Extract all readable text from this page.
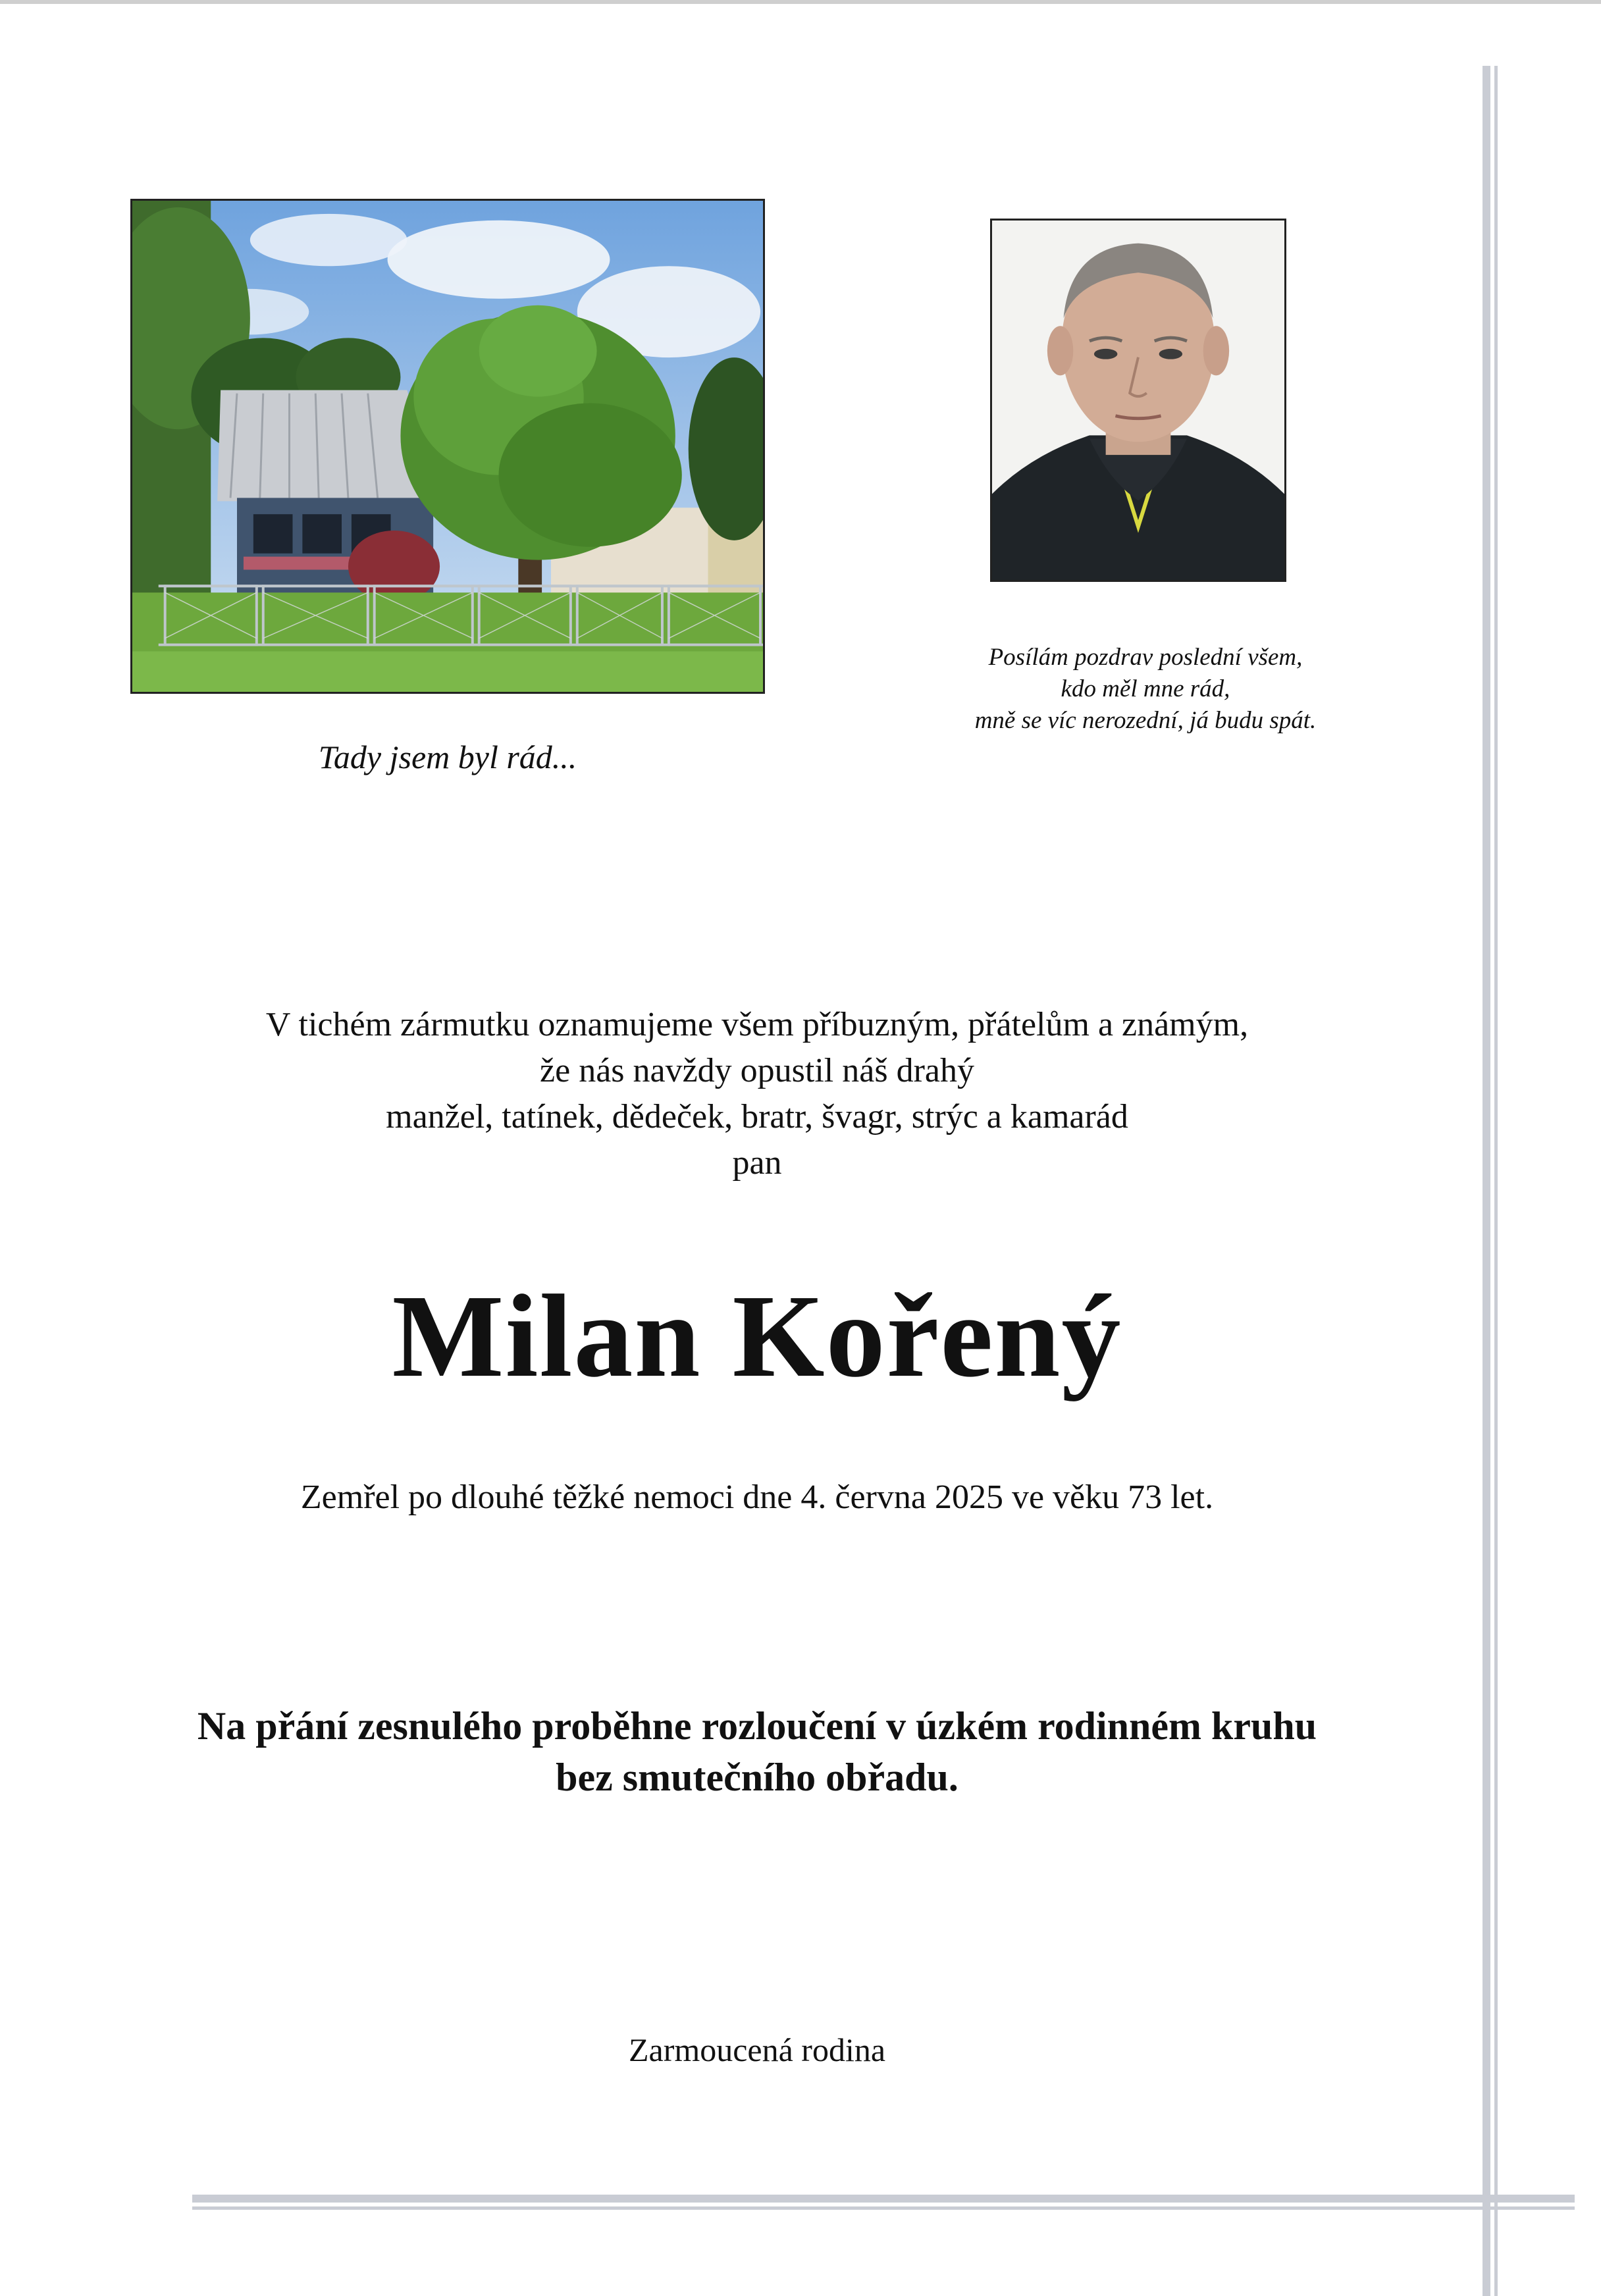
Tady jsem byl rád...
Posílám pozdrav poslední všem,
kdo měl mne rád,
mně se víc nerozední, já budu spát.
V tichém zármutku oznamujeme všem příbuzným, přátelům a známým,
že nás navždy opustil náš drahý
manžel, tatínek, dědeček, bratr, švagr, strýc a kamarád
pan
Milan Kořený
Zemřel po dlouhé těžké nemoci dne 4. června 2025 ve věku 73 let.
Na přání zesnulého proběhne rozloučení v úzkém rodinném kruhu
bez smutečního obřadu.
Zarmoucená rodina
